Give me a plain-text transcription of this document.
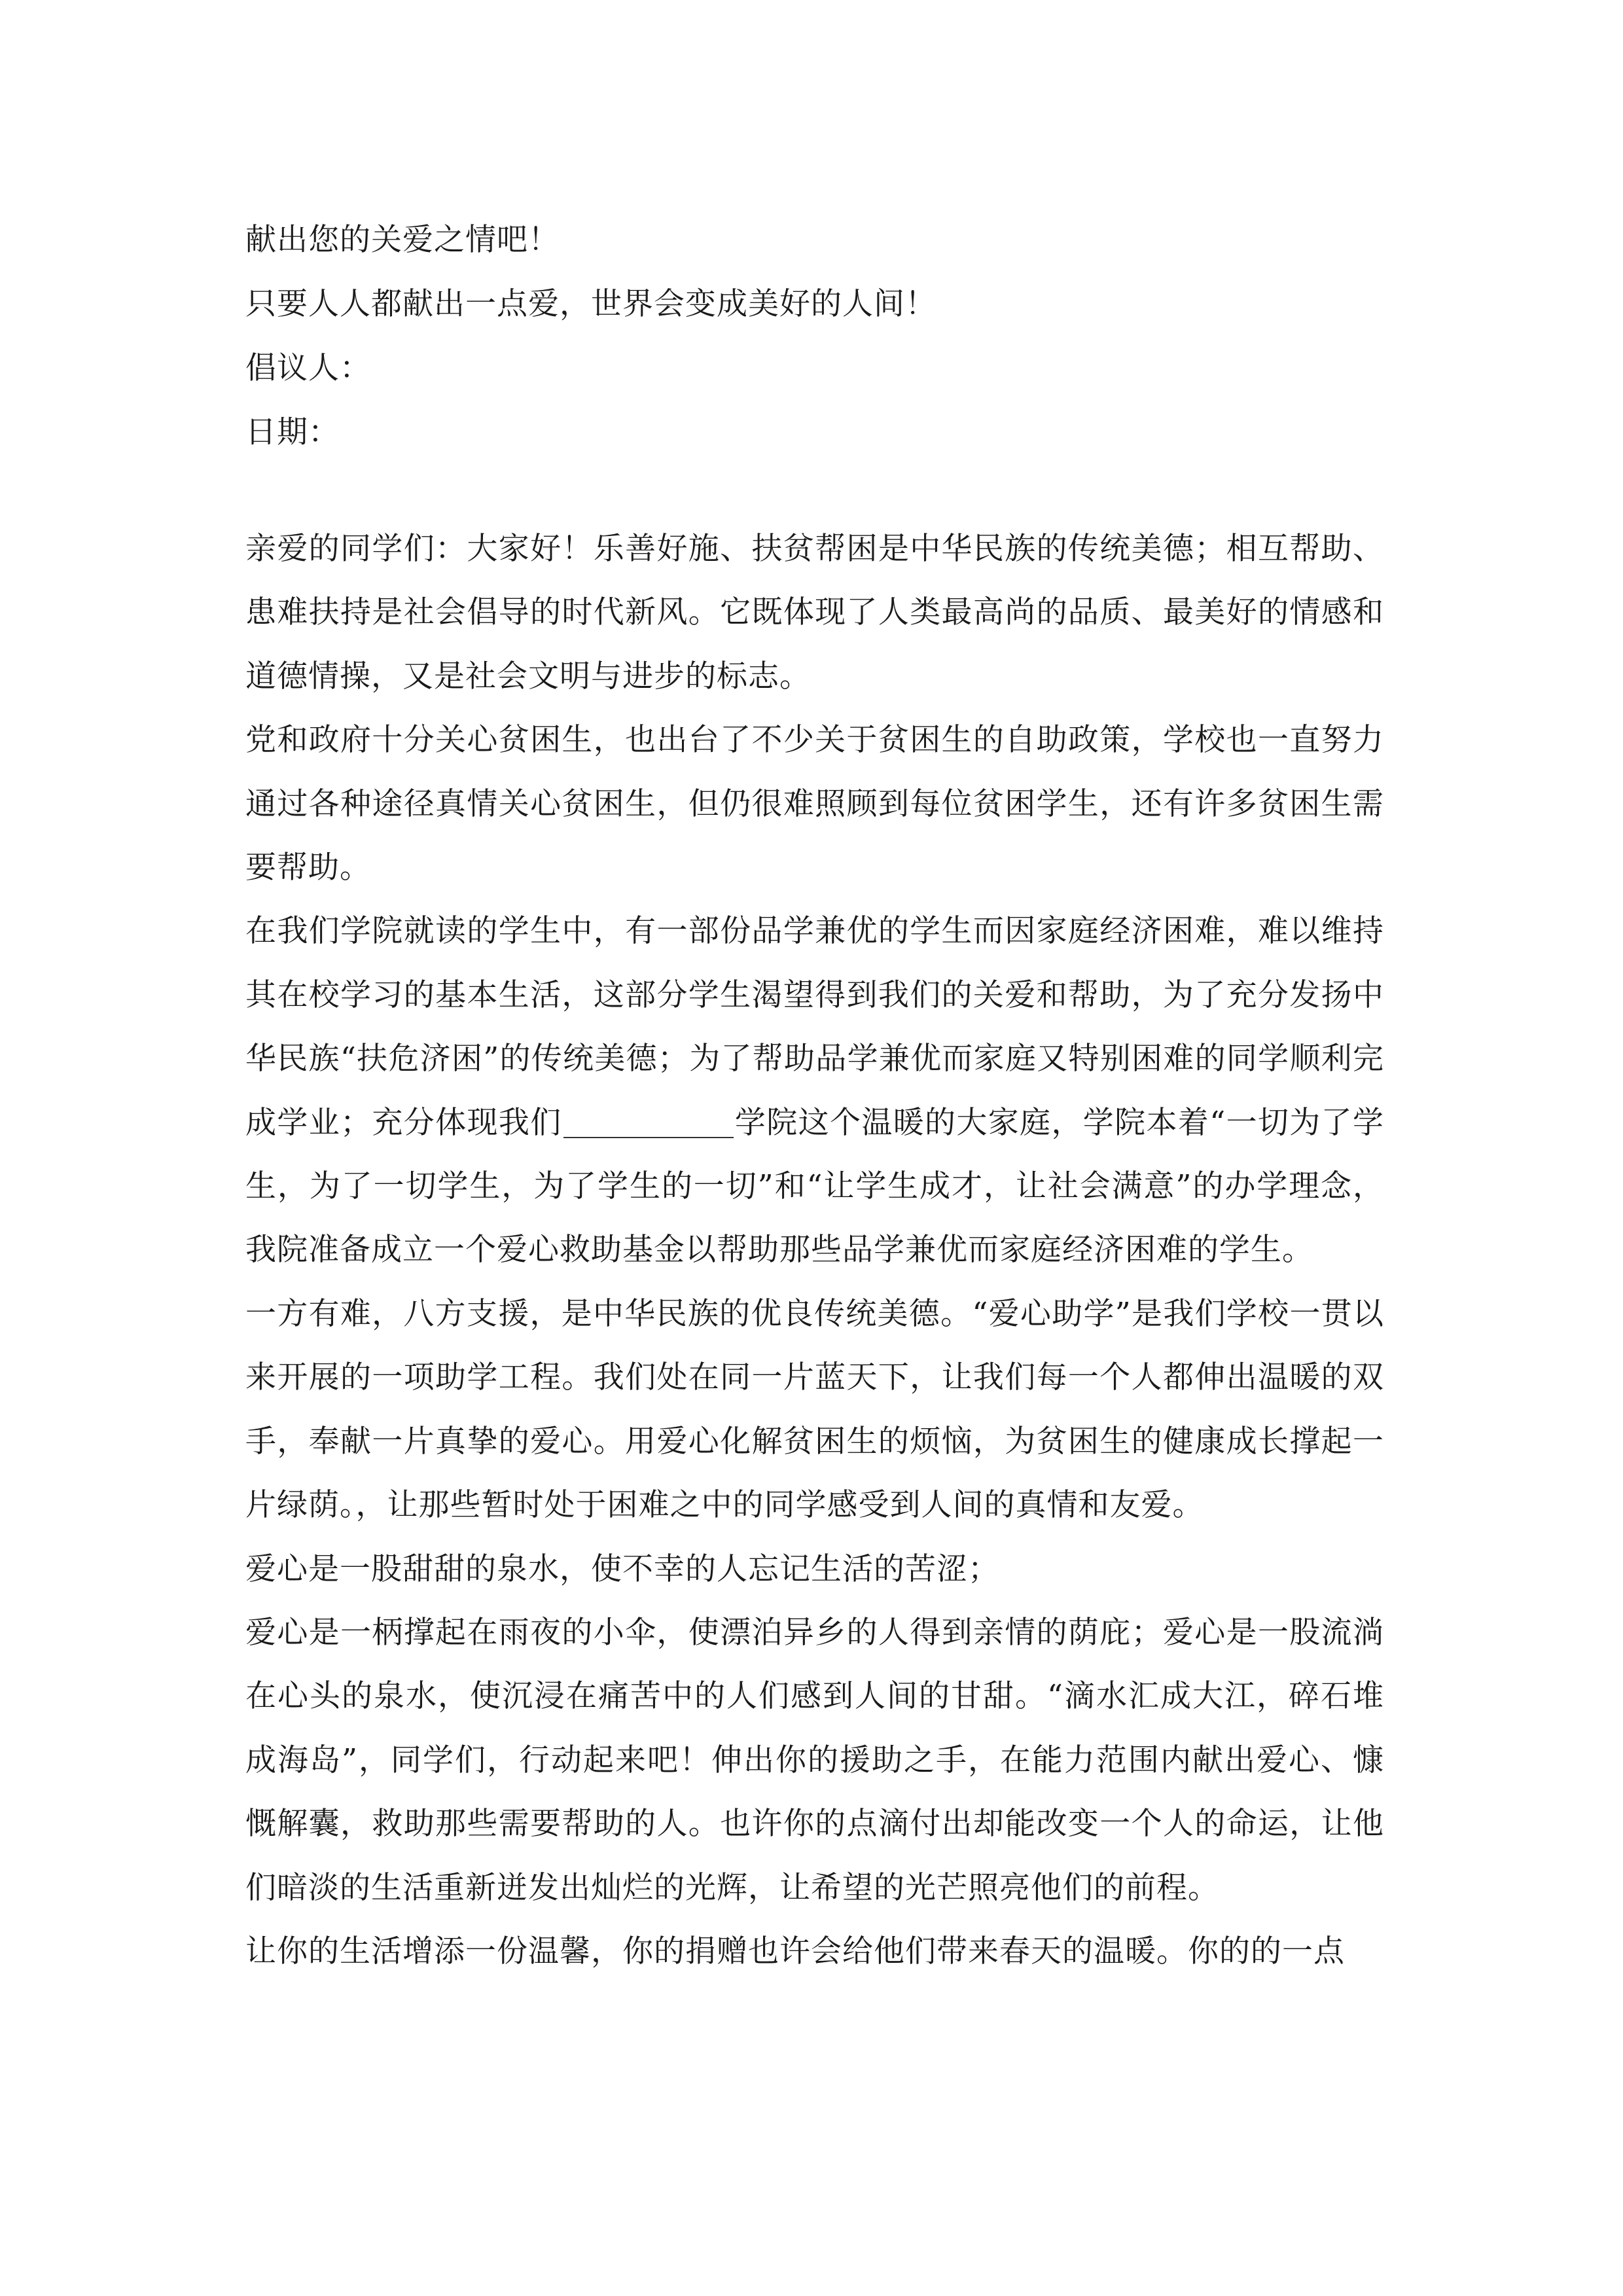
献出您的关爱之情吧！

只要人人都献出一点爱，世界会变成美好的人间！

倡议人：

日期：

亲爱的同学们：大家好！乐善好施、扶贫帮困是中华民族的传统美德；相互帮助、患难扶持是社会倡导的时代新风。它既体现了人类最高尚的品质、最美好的情感和道德情操，又是社会文明与进步的标志。

党和政府十分关心贫困生，也出台了不少关于贫困生的自助政策，学校也一直努力通过各种途径真情关心贫困生，但仍很难照顾到每位贫困学生，还有许多贫困生需要帮助。

在我们学院就读的学生中，有一部份品学兼优的学生而因家庭经济困难，难以维持其在校学习的基本生活，这部分学生渴望得到我们的关爱和帮助，为了充分发扬中华民族“扶危济困”的传统美德；为了帮助品学兼优而家庭又特别困难的同学顺利完成学业；充分体现我们	学院这个温暖的大家庭，学院本着“一切为了学生，为了一切学生，为了学生的一切”和“让学生成才，让社会满意”的办学理念，我院准备成立一个爱心救助基金以帮助那些品学兼优而家庭经济困难的学生。

一方有难，八方支援，是中华民族的优良传统美德。“爱心助学”是我们学校一贯以来开展的一项助学工程。我们处在同一片蓝天下，让我们每一个人都伸出温暖的双手，奉献一片真挚的爱心。用爱心化解贫困生的烦恼，为贫困生的健康成长撑起一片绿荫。，让那些暂时处于困难之中的同学感受到人间的真情和友爱。

爱心是一股甜甜的泉水，使不幸的人忘记生活的苦涩；

爱心是一柄撑起在雨夜的小伞，使漂泊异乡的人得到亲情的荫庇；爱心是一股流淌在心头的泉水，使沉浸在痛苦中的人们感到人间的甘甜。“滴水汇成大江，碎石堆成海岛”，同学们，行动起来吧！伸出你的援助之手，在能力范围内献出爱心、慷慨解囊，救助那些需要帮助的人。也许你的点滴付出却能改变一个人的命运，让他们暗淡的生活重新迸发出灿烂的光辉，让希望的光芒照亮他们的前程。

让你的生活增添一份温馨，你的捐赠也许会给他们带来春天的温暖。你的的一点
